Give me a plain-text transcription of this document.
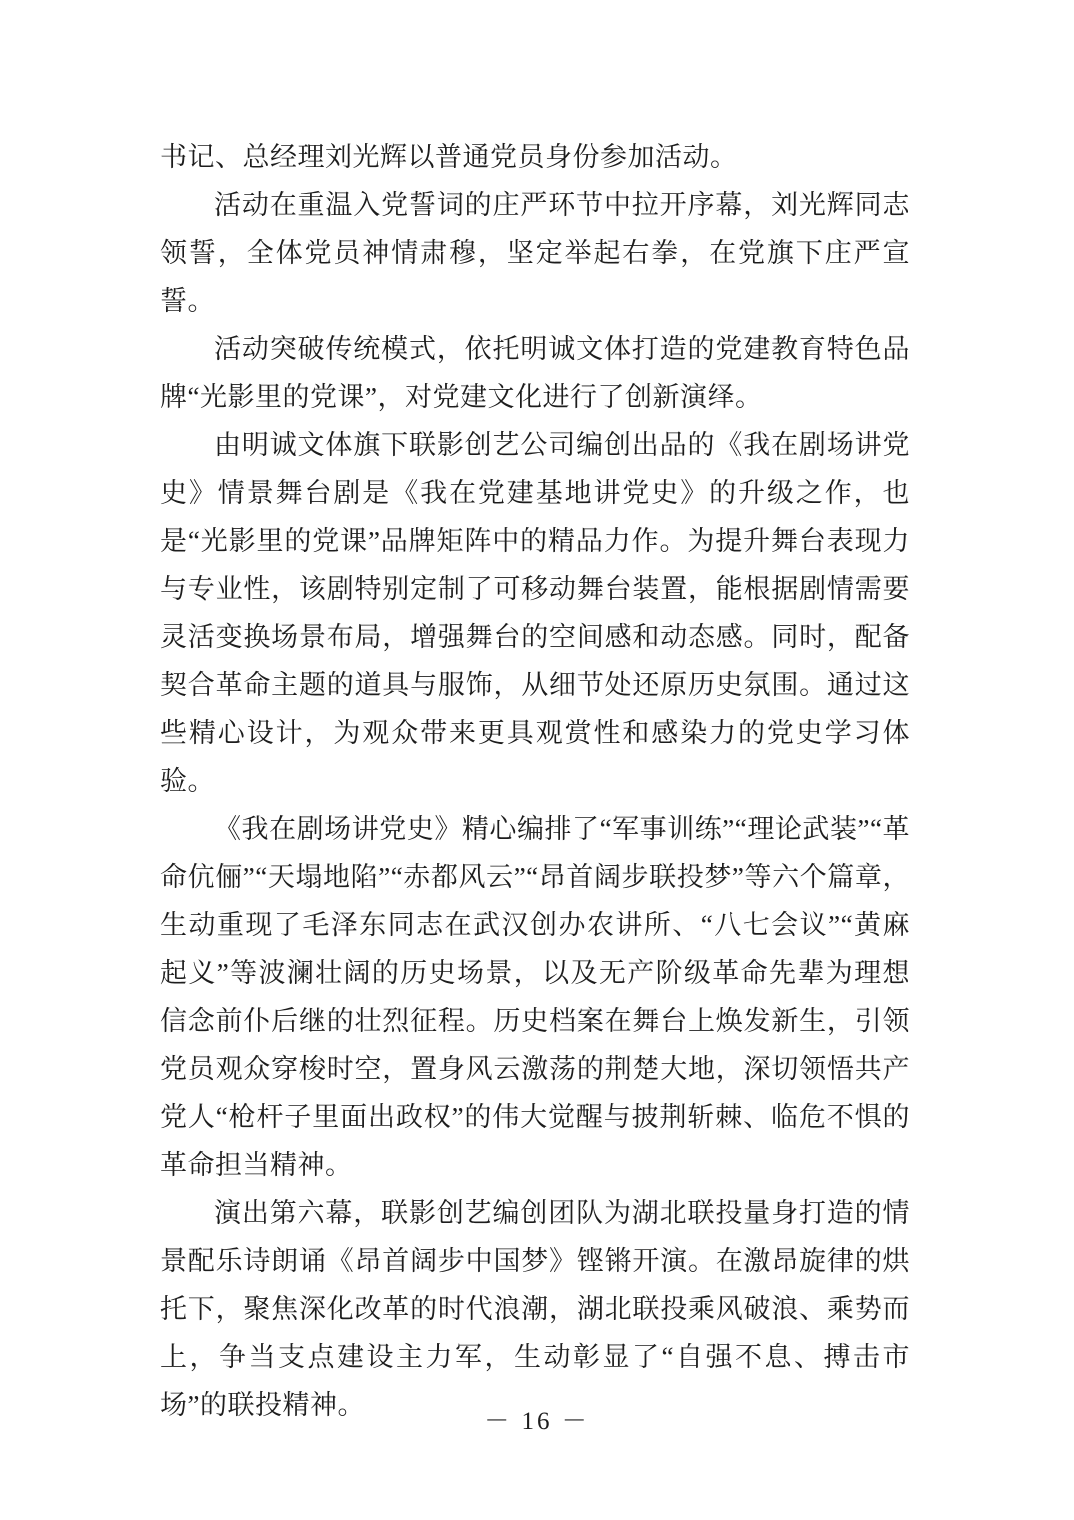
书记、总经理刘光辉以普通党员身份参加活动。

活动在重温入党誓词的庄严环节中拉开序幕，刘光辉同志领誓，全体党员神情肃穆，坚定举起右拳，在党旗下庄严宣誓。

活动突破传统模式，依托明诚文体打造的党建教育特色品牌“光影里的党课”，对党建文化进行了创新演绎。

由明诚文体旗下联影创艺公司编创出品的《我在剧场讲党史》情景舞台剧是《我在党建基地讲党史》的升级之作，也是“光影里的党课”品牌矩阵中的精品力作。为提升舞台表现力与专业性，该剧特别定制了可移动舞台装置，能根据剧情需要灵活变换场景布局，增强舞台的空间感和动态感。同时，配备契合革命主题的道具与服饰，从细节处还原历史氛围。通过这些精心设计，为观众带来更具观赏性和感染力的党史学习体验。

《我在剧场讲党史》精心编排了“军事训练”“理论武装”“革命伉俪”“天塌地陷”“赤都风云”“昂首阔步联投梦”等六个篇章，生动重现了毛泽东同志在武汉创办农讲所、“八七会议”“黄麻起义”等波澜壮阔的历史场景，以及无产阶级革命先辈为理想信念前仆后继的壮烈征程。历史档案在舞台上焕发新生，引领党员观众穿梭时空，置身风云激荡的荆楚大地，深切领悟共产党人“枪杆子里面出政权”的伟大觉醒与披荆斩棘、临危不惧的革命担当精神。

演出第六幕，联影创艺编创团队为湖北联投量身打造的情景配乐诗朗诵《昂首阔步中国梦》铿锵开演。在激昂旋律的烘托下，聚焦深化改革的时代浪潮，湖北联投乘风破浪、乘势而上，争当支点建设主力军，生动彰显了“自强不息、搏击市场”的联投精神。

－ 16 －
